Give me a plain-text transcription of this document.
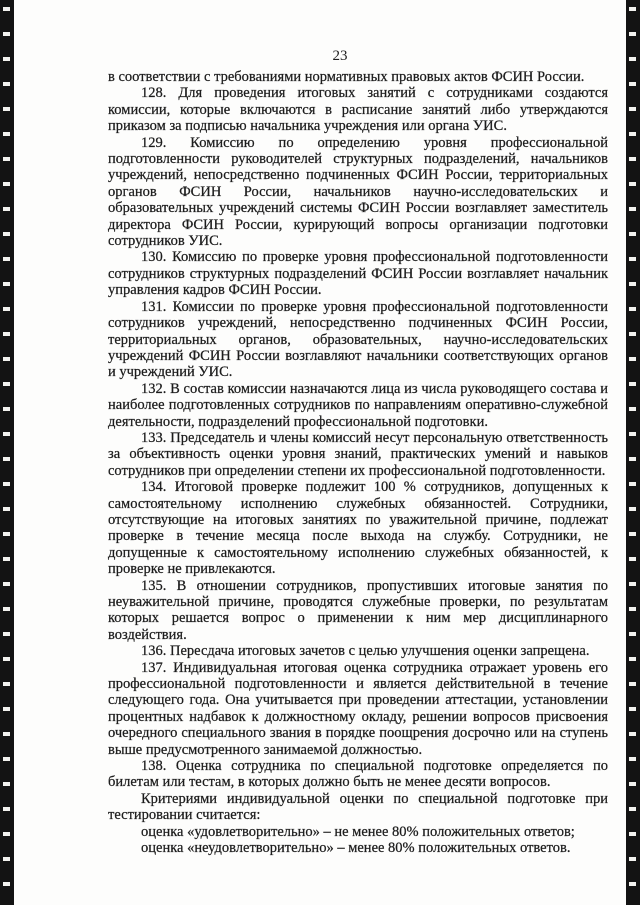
23

в соответствии с требованиями нормативных правовых актов ФСИН России.

128. Для проведения итоговых занятий с сотрудниками создаются комиссии, которые включаются в расписание занятий либо утверждаются приказом за подписью начальника учреждения или органа УИС.

129. Комиссию по определению уровня профессиональной подготовленности руководителей структурных подразделений, начальников учреждений, непосредственно подчиненных ФСИН России, территориальных органов ФСИН России, начальников научно-исследовательских и образовательных учреждений системы ФСИН России возглавляет заместитель директора ФСИН России, курирующий вопросы организации подготовки сотрудников УИС.

130. Комиссию по проверке уровня профессиональной подготовленности сотрудников структурных подразделений ФСИН России возглавляет начальник управления кадров ФСИН России.

131. Комиссии по проверке уровня профессиональной подготовленности сотрудников учреждений, непосредственно подчиненных ФСИН России, территориальных органов, образовательных, научно-исследовательских учреждений ФСИН России возглавляют начальники соответствующих органов и учреждений УИС.

132. В состав комиссии назначаются лица из числа руководящего состава и наиболее подготовленных сотрудников по направлениям оперативно-служебной деятельности, подразделений профессиональной подготовки.

133. Председатель и члены комиссий несут персональную ответственность за объективность оценки уровня знаний, практических умений и навыков сотрудников при определении степени их профессиональной подготовленности.

134. Итоговой проверке подлежит 100 % сотрудников, допущенных к самостоятельному исполнению служебных обязанностей. Сотрудники, отсутствующие на итоговых занятиях по уважительной причине, подлежат проверке в течение месяца после выхода на службу. Сотрудники, не допущенные к самостоятельному исполнению служебных обязанностей, к проверке не привлекаются.

135. В отношении сотрудников, пропустивших итоговые занятия по неуважительной причине, проводятся служебные проверки, по результатам которых решается вопрос о применении к ним мер дисциплинарного воздействия.

136. Пересдача итоговых зачетов с целью улучшения оценки запрещена.

137. Индивидуальная итоговая оценка сотрудника отражает уровень его профессиональной подготовленности и является действительной в течение следующего года. Она учитывается при проведении аттестации, установлении процентных надбавок к должностному окладу, решении вопросов присвоения очередного специального звания в порядке поощрения досрочно или на ступень выше предусмотренного занимаемой должностью.

138. Оценка сотрудника по специальной подготовке определяется по билетам или тестам, в которых должно быть не менее десяти вопросов.

Критериями индивидуальной оценки по специальной подготовке при тестировании считается:

оценка «удовлетворительно» – не менее 80% положительных ответов;

оценка «неудовлетворительно» – менее 80% положительных ответов.
